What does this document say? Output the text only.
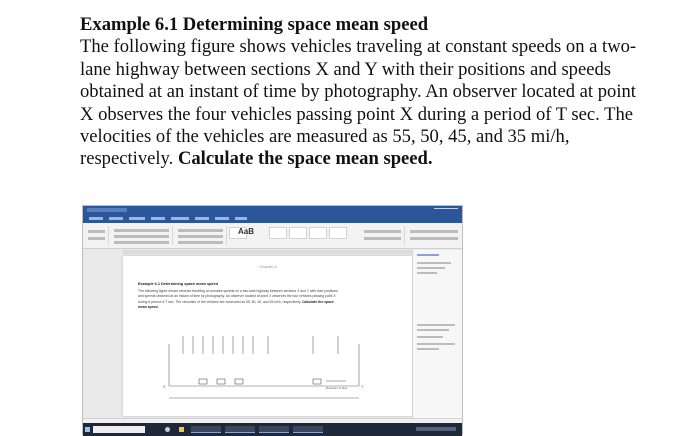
Example 6.1 Determining space mean speed
The following figure shows vehicles traveling at constant speeds on a two-lane highway between sections X and Y with their positions and speeds obtained at an instant of time by photography. An observer located at point X observes the four vehicles passing point X during a period of T sec. The velocities of the vehicles are measured as 55, 50, 45, and 35 mi/h, respectively. Calculate the space mean speed.
AaB
Chapter 6
Example 6.1 Determining space mean speed
The following figure shows vehicles traveling at constant speeds on a two-lane highway between sections X and Y with their positions and speeds obtained at an instant of time by photography. An observer located at point X observes the four vehicles passing point X during a period of T sec. The velocities of the vehicles are measured as 55, 50, 45, and 35 mi/h, respectively. Calculate the space mean speed.
X	Y
Direction of flow
